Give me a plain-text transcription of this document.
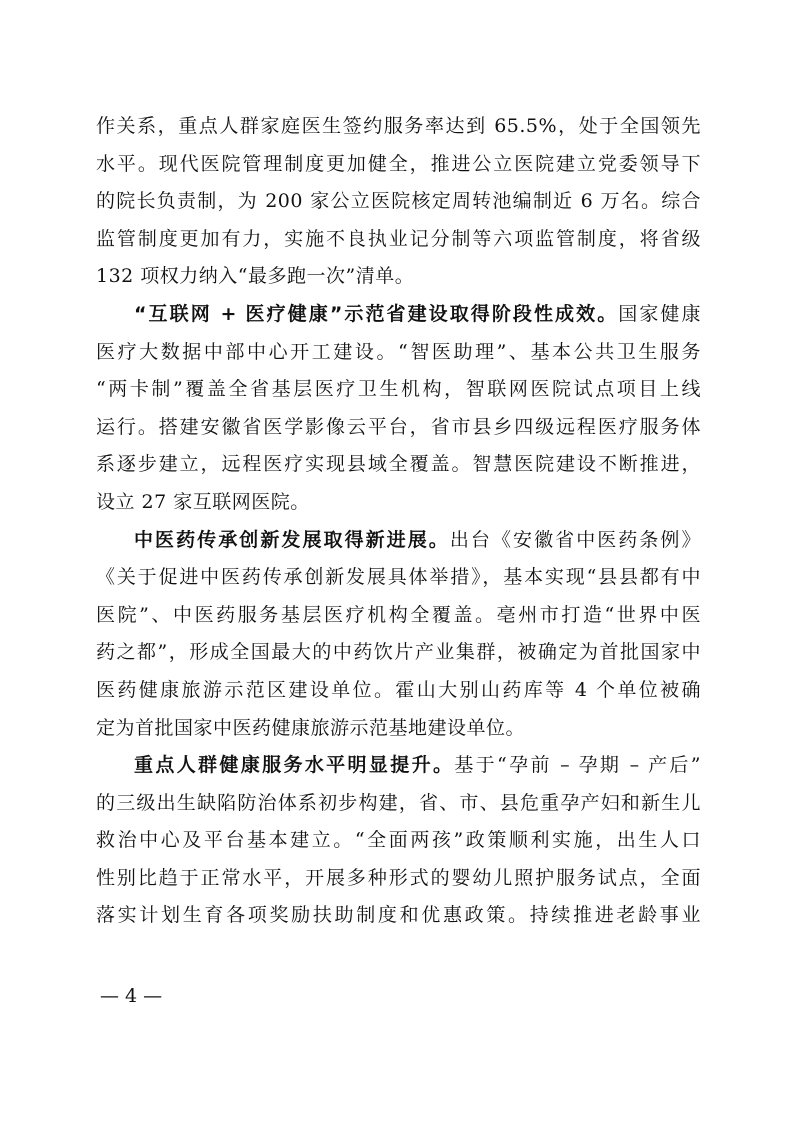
作关系，重点人群家庭医生签约服务率达到 65.5%，处于全国领先
水平。现代医院管理制度更加健全，推进公立医院建立党委领导下
的院长负责制，为 200 家公立医院核定周转池编制近 6 万名。综合
监管制度更加有力，实施不良执业记分制等六项监管制度，将省级
132 项权力纳入“最多跑一次”清单。
“互联网 + 医疗健康”示范省建设取得阶段性成效。国家健康
医疗大数据中部中心开工建设。“智医助理”、基本公共卫生服务
“两卡制”覆盖全省基层医疗卫生机构，智联网医院试点项目上线
运行。搭建安徽省医学影像云平台，省市县乡四级远程医疗服务体
系逐步建立，远程医疗实现县域全覆盖。智慧医院建设不断推进，
设立 27 家互联网医院。
中医药传承创新发展取得新进展。出台《安徽省中医药条例》
《关于促进中医药传承创新发展具体举措》，基本实现“县县都有中
医院”、中医药服务基层医疗机构全覆盖。亳州市打造“世界中医
药之都”，形成全国最大的中药饮片产业集群，被确定为首批国家中
医药健康旅游示范区建设单位。霍山大别山药库等 4 个单位被确
定为首批国家中医药健康旅游示范基地建设单位。
重点人群健康服务水平明显提升。基于“孕前 – 孕期 – 产后”
的三级出生缺陷防治体系初步构建，省、市、县危重孕产妇和新生儿
救治中心及平台基本建立。“全面两孩”政策顺利实施，出生人口
性别比趋于正常水平，开展多种形式的婴幼儿照护服务试点，全面
落实计划生育各项奖励扶助制度和优惠政策。持续推进老龄事业
— 4 —
